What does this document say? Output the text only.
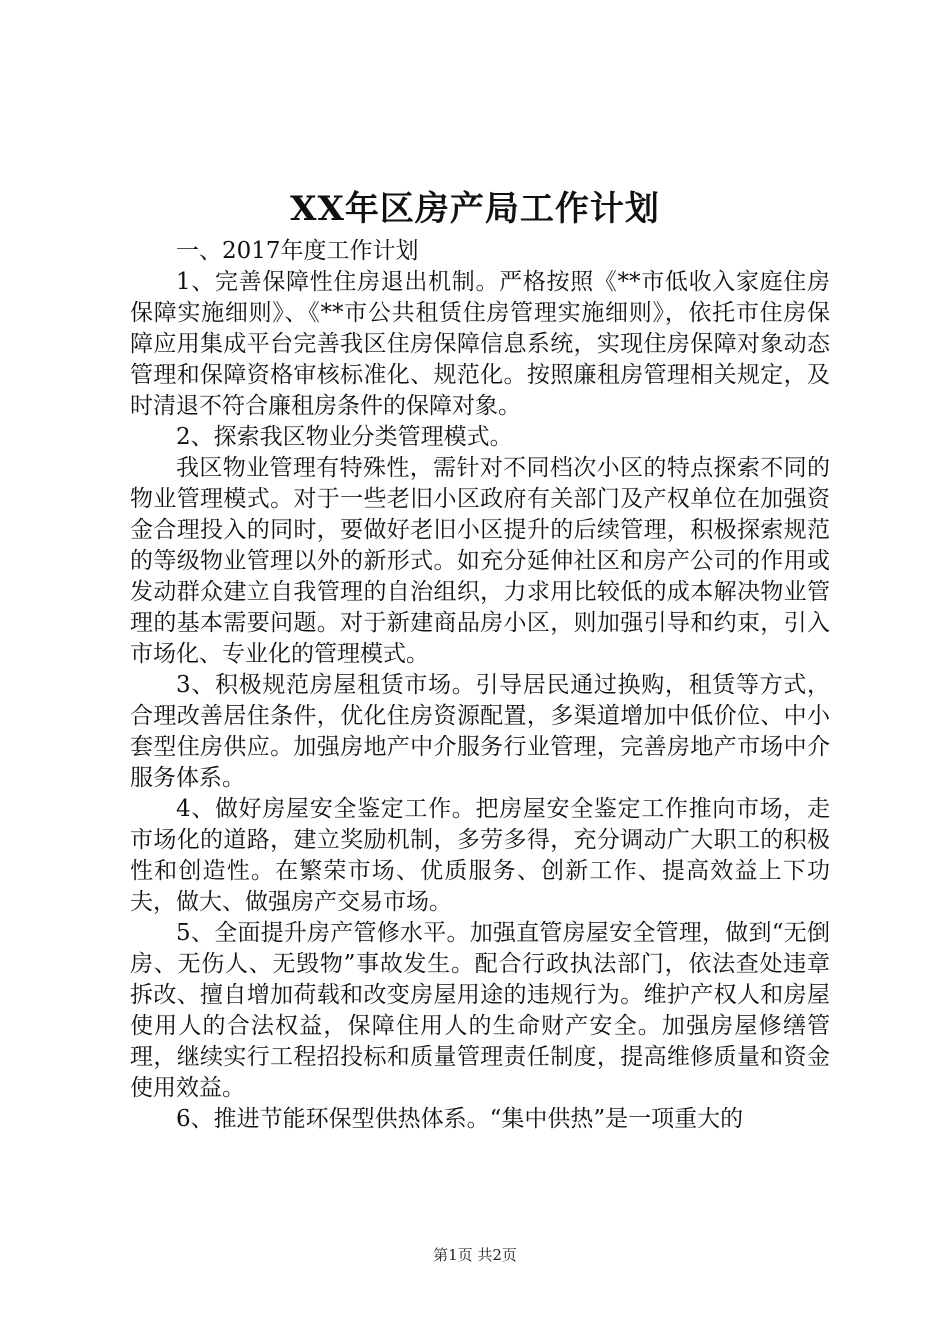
XX年区房产局工作计划

一、2017年度工作计划

1、完善保障性住房退出机制。严格按照《**市低收入家庭住房保障实施细则》、《**市公共租赁住房管理实施细则》，依托市住房保障应用集成平台完善我区住房保障信息系统，实现住房保障对象动态管理和保障资格审核标准化、规范化。按照廉租房管理相关规定，及时清退不符合廉租房条件的保障对象。

2、探索我区物业分类管理模式。

我区物业管理有特殊性，需针对不同档次小区的特点探索不同的物业管理模式。对于一些老旧小区政府有关部门及产权单位在加强资金合理投入的同时，要做好老旧小区提升的后续管理，积极探索规范的等级物业管理以外的新形式。如充分延伸社区和房产公司的作用或发动群众建立自我管理的自治组织，力求用比较低的成本解决物业管理的基本需要问题。对于新建商品房小区，则加强引导和约束，引入市场化、专业化的管理模式。

3、积极规范房屋租赁市场。引导居民通过换购，租赁等方式，合理改善居住条件，优化住房资源配置，多渠道增加中低价位、中小套型住房供应。加强房地产中介服务行业管理，完善房地产市场中介服务体系。

4、做好房屋安全鉴定工作。把房屋安全鉴定工作推向市场，走市场化的道路，建立奖励机制，多劳多得，充分调动广大职工的积极性和创造性。在繁荣市场、优质服务、创新工作、提高效益上下功夫，做大、做强房产交易市场。

5、全面提升房产管修水平。加强直管房屋安全管理，做到“无倒房、无伤人、无毁物”事故发生。配合行政执法部门，依法查处违章拆改、擅自增加荷载和改变房屋用途的违规行为。维护产权人和房屋使用人的合法权益，保障住用人的生命财产安全。加强房屋修缮管理，继续实行工程招投标和质量管理责任制度，提高维修质量和资金使用效益。

6、推进节能环保型供热体系。“集中供热”是一项重大的

第1页 共2页
